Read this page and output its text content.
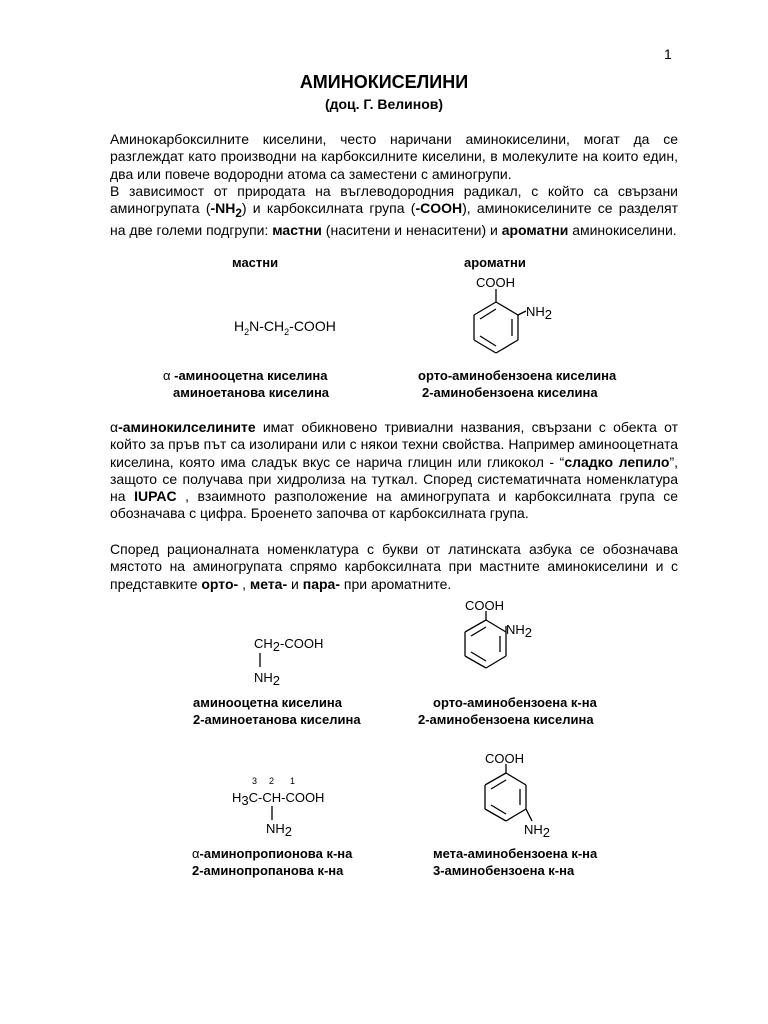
1
АМИНОКИСЕЛИНИ
(доц. Г. Велинов)
Аминокарбоксилните киселини, често наричани аминокиселини, могат да се разглеждат като производни на карбоксилните киселини, в молекулите на които един, два или повече водородни атома са заместени с аминогрупи.
В зависимост от природата на въглеводородния радикал, с който са свързани аминогрупата $(-NH_2)$ и карбоксилната група (-COOH), аминокиселините се разделят на две големи подгрупи: мастни (наситени и ненаситени) и ароматни аминокиселини.
мастни	ароматни
$H_2N-CH_2$-COOH
COOH
NH2
α -аминооцетна киселина
аминоетанова киселина
орто-аминобензоена киселина
2-аминобензоена киселина
α-аминокилселините имат обикновено тривиални названия, свързани с обекта от който за пръв път са изолирани или с някои техни свойства. Например аминооцетната киселина, която има сладък вкус се нарича глицин или гликокол - “сладко лепило”, защото се получава при хидролиза на туткал. Според систематичната номенклатура на IUPAC , взаимното разположение на аминогрупата и карбоксилната група се обозначава с цифра. Броенето започва от карбоксилната група.
Според рационалната номенклатура с букви от латинската азбука се обозначава мястото на аминогрупата спрямо карбоксилната при мастните аминокиселини и с представките орто- , мета- и пара- при ароматните.
CH2-COOH
NH2
COOH
NH2
аминооцетна киселина
2-аминоетанова киселина
орто-аминобензоена к-на
2-аминобензоена киселина
3 2 1
H3C-CH-COOH
NH2
COOH
NH2
α-аминопропионова к-на
2-аминопропанова к-на
мета-аминобензоена к-на
3-аминобензоена к-на
